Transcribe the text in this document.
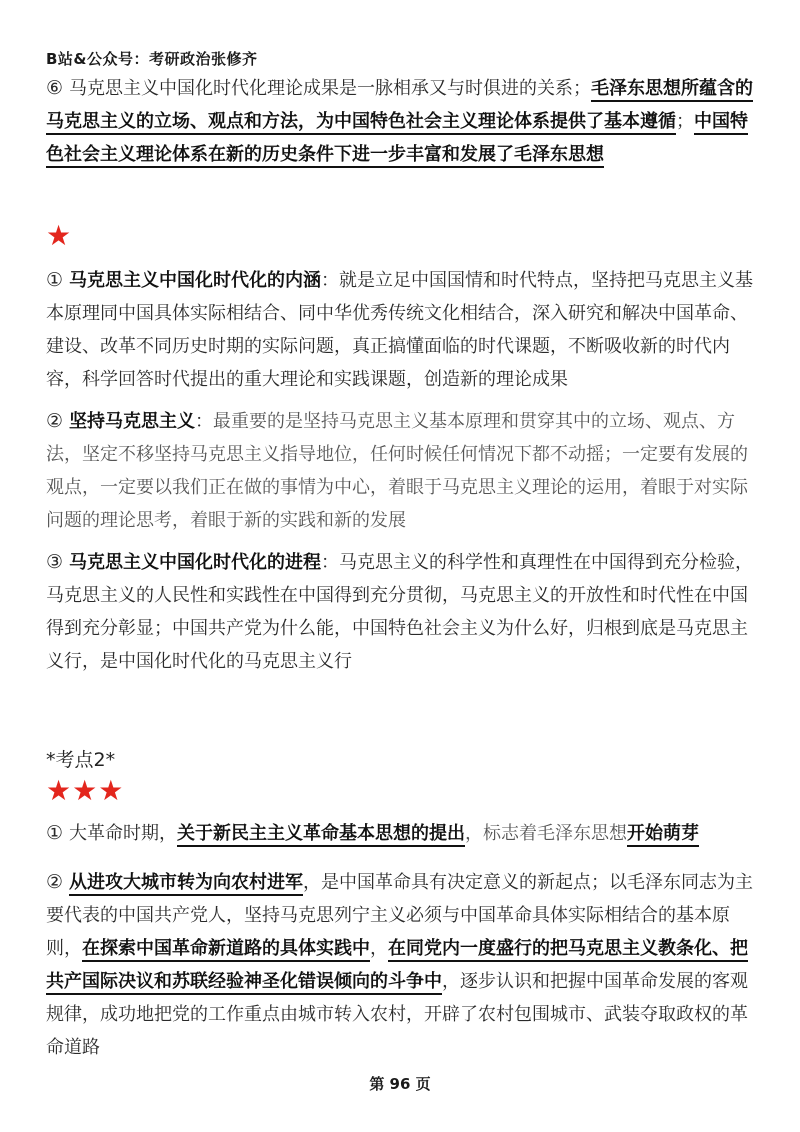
B站&公众号：考研政治张修齐
⑥ 马克思主义中国化时代化理论成果是一脉相承又与时俱进的关系；毛泽东思想所蕴含的马克思主义的立场、观点和方法，为中国特色社会主义理论体系提供了基本遵循；中国特色社会主义理论体系在新的历史条件下进一步丰富和发展了毛泽东思想
★
① 马克思主义中国化时代化的内涵：就是立足中国国情和时代特点，坚持把马克思主义基本原理同中国具体实际相结合、同中华优秀传统文化相结合，深入研究和解决中国革命、建设、改革不同历史时期的实际问题，真正搞懂面临的时代课题，不断吸收新的时代内容，科学回答时代提出的重大理论和实践课题，创造新的理论成果
② 坚持马克思主义：最重要的是坚持马克思主义基本原理和贯穿其中的立场、观点、方法，坚定不移坚持马克思主义指导地位，任何时候任何情况下都不动摇；一定要有发展的观点，一定要以我们正在做的事情为中心，着眼于马克思主义理论的运用，着眼于对实际问题的理论思考，着眼于新的实践和新的发展
③ 马克思主义中国化时代化的进程：马克思主义的科学性和真理性在中国得到充分检验，马克思主义的人民性和实践性在中国得到充分贯彻，马克思主义的开放性和时代性在中国得到充分彰显；中国共产党为什么能，中国特色社会主义为什么好，归根到底是马克思主义行，是中国化时代化的马克思主义行
*考点2*
★★★
① 大革命时期，关于新民主主义革命基本思想的提出，标志着毛泽东思想开始萌芽
② 从进攻大城市转为向农村进军，是中国革命具有决定意义的新起点；以毛泽东同志为主要代表的中国共产党人，坚持马克思列宁主义必须与中国革命具体实际相结合的基本原则，在探索中国革命新道路的具体实践中，在同党内一度盛行的把马克思主义教条化、把共产国际决议和苏联经验神圣化错误倾向的斗争中，逐步认识和把握中国革命发展的客观规律，成功地把党的工作重点由城市转入农村，开辟了农村包围城市、武装夺取政权的革命道路
第 96 页
